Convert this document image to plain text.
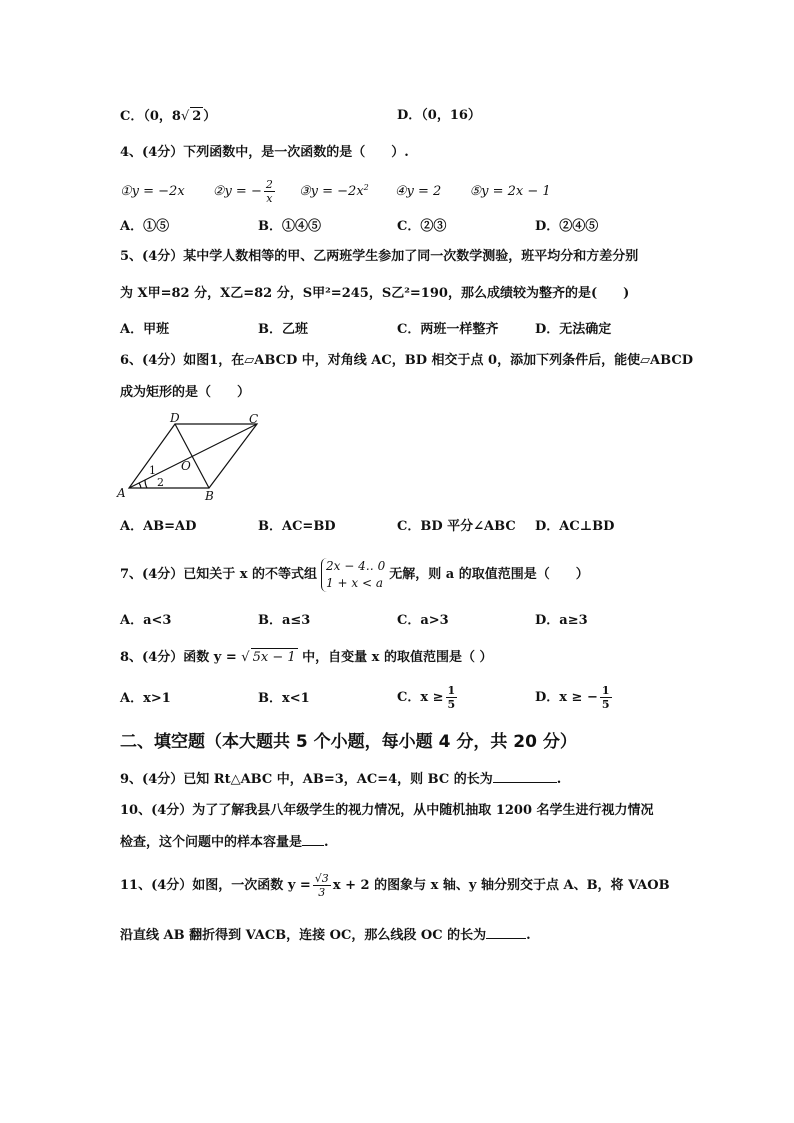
C．（0，8√ 2 ）	D．（0，16）
4、(4分）下列函数中，是一次函数的是（　　）.
①y = −2x ②y = − $\frac{2}{x}$ ③y = $-2x^2$ ④y = 2 ⑤y = 2x − 1
A．①⑤	B．①④⑤	C．②③	D．②④⑤
5、(4分）某中学人数相等的甲、乙两班学生参加了同一次数学测验，班平均分和方差分别
为 X甲=82 分，X乙=82 分，S甲²=245，S乙²=190，那么成绩较为整齐的是(　　)
A．甲班	B．乙班	C．两班一样整齐	D．无法确定
6、(4分）如图1，在▱ABCD 中，对角线 AC，BD 相交于点 0，添加下列条件后，能使▱ABCD
成为矩形的是（　　）
D	C
A	B
O
1
2
A．AB=AD	B．AC=BD	C．BD 平分∠ABC D．AC⊥BD
7、(4分）已知关于 x 的不等式组
2x − 4‥ 0
1 + x < a
无解，则 a 的取值范围是（　　）
A．a<3	B．a≤3	C．a>3	D．a≥3
8、(4分）函数 y = √ 5x − 1 中，自变量 x 的取值范围是（ ）
A．x>1	B．x<1	C．$x \ge \frac{1}{5}$	D．x ≥ − $\frac{1}{5}$
二、填空题（本大题共 5 个小题，每小题 4 分，共 20 分）
9、(4分）已知 Rt△ABC 中，AB=3，AC=4，则 BC 的长为	.
10、(4分）为了了解我县八年级学生的视力情况，从中随机抽取 1200 名学生进行视力情况
检查，这个问题中的样本容量是 .
11、(4分）如图，一次函数 $y = \frac{√3}{3}$ x + 2 的图象与 x 轴、y 轴分别交于点 A、B，将 VAOB
沿直线 AB 翻折得到 VACB，连接 OC，那么线段 OC 的长为	.
